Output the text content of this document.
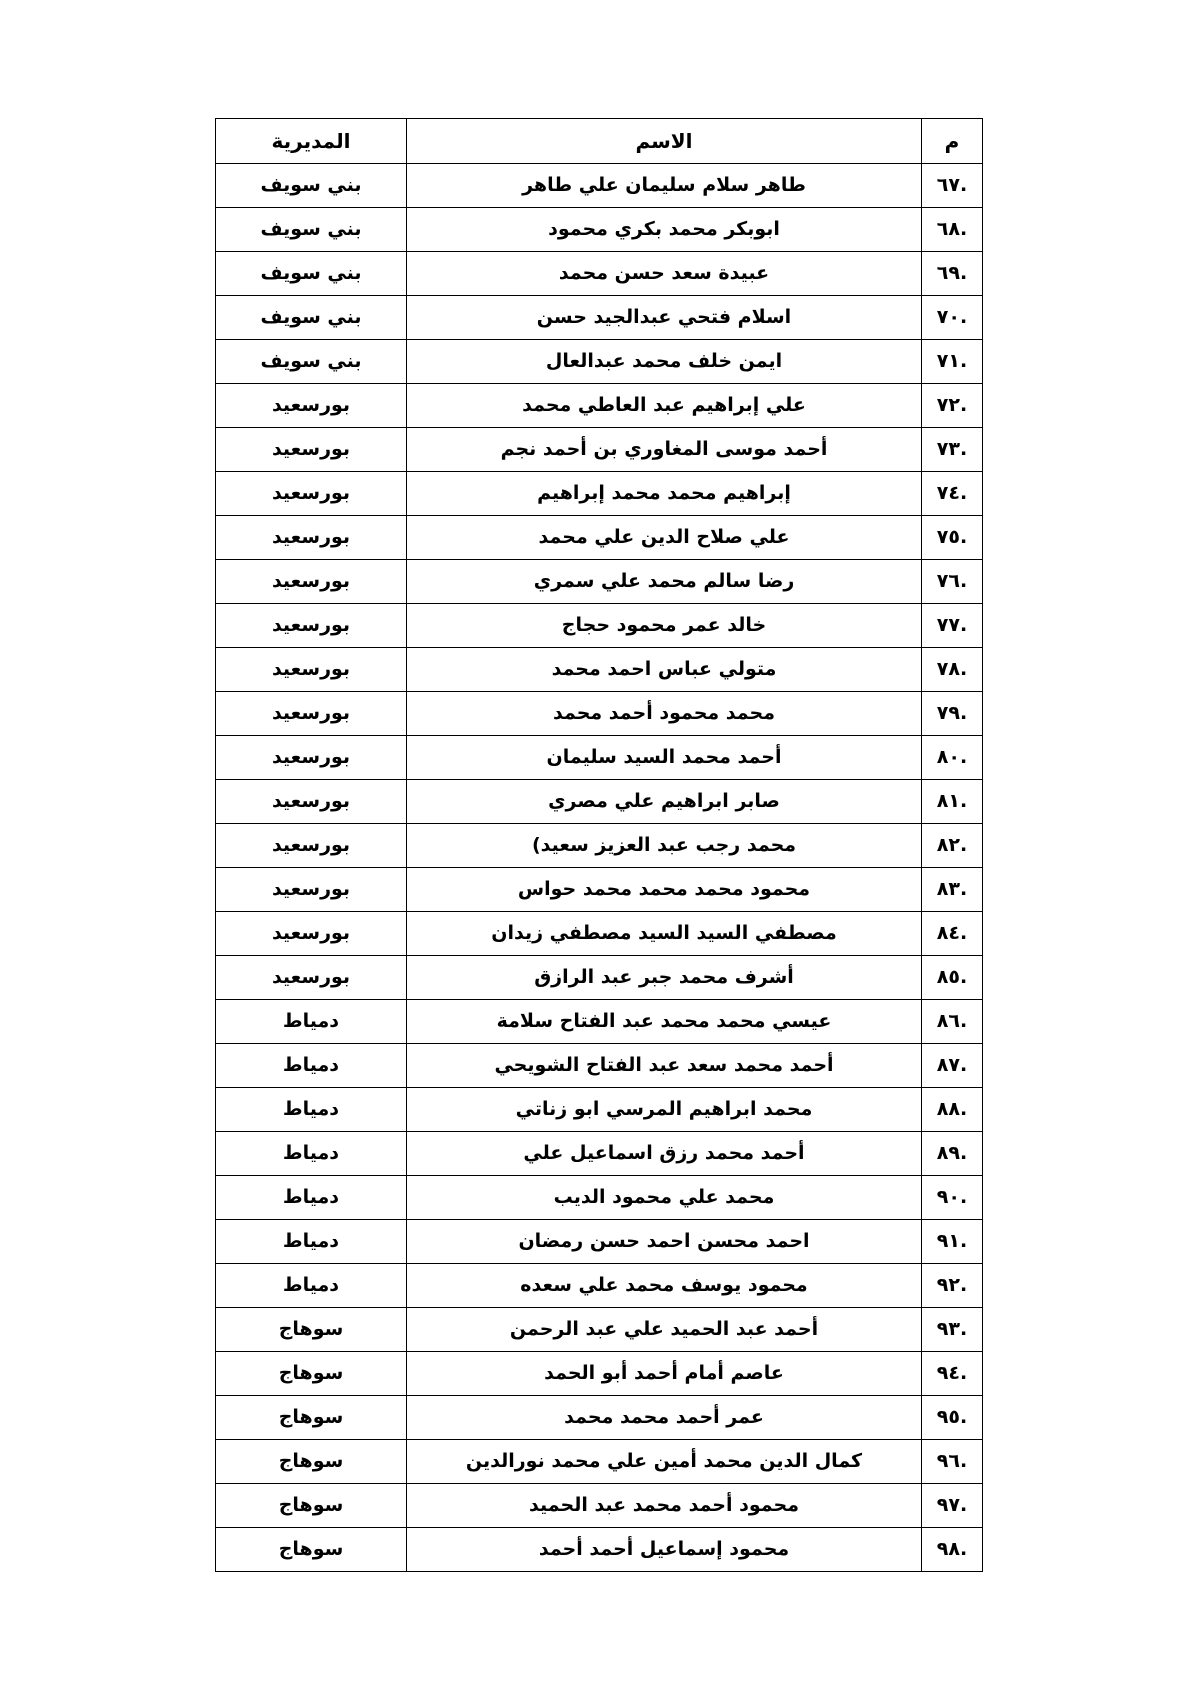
م	الاسم	المديرية
.٦٧	طاهر سلام سليمان علي طاهر	بني سويف
.٦٨	ابوبكر محمد بكري محمود	بني سويف
.٦٩	عبيدة سعد حسن محمد	بني سويف
.٧٠	اسلام فتحي عبدالجيد حسن	بني سويف
.٧١	ايمن خلف محمد عبدالعال	بني سويف
.٧٢	علي إبراهيم عبد العاطي محمد	بورسعيد
.٧٣	أحمد موسى المغاوري بن أحمد نجم	بورسعيد
.٧٤	إبراهيم محمد محمد إبراهيم	بورسعيد
.٧٥	علي صلاح الدين علي محمد	بورسعيد
.٧٦	رضا سالم محمد علي سمري	بورسعيد
.٧٧	خالد عمر محمود حجاج	بورسعيد
.٧٨	متولي عباس احمد محمد	بورسعيد
.٧٩	محمد محمود أحمد محمد	بورسعيد
.٨٠	أحمد محمد السيد سليمان	بورسعيد
.٨١	صابر ابراهيم علي مصري	بورسعيد
.٨٢	محمد رجب عبد العزيز سعيد)	بورسعيد
.٨٣	محمود محمد محمد محمد حواس	بورسعيد
.٨٤	مصطفي السيد السيد مصطفي زيدان	بورسعيد
.٨٥	أشرف محمد جبر عبد الرازق	بورسعيد
.٨٦	عيسي محمد محمد عبد الفتاح سلامة	دمياط
.٨٧	أحمد محمد سعد عبد الفتاح الشويحي	دمياط
.٨٨	محمد ابراهيم المرسي ابو زناتي	دمياط
.٨٩	أحمد محمد رزق اسماعيل علي	دمياط
.٩٠	محمد علي محمود الديب	دمياط
.٩١	احمد محسن احمد حسن رمضان	دمياط
.٩٢	محمود يوسف محمد علي سعده	دمياط
.٩٣	أحمد عبد الحميد علي عبد الرحمن	سوهاج
.٩٤	عاصم أمام أحمد أبو الحمد	سوهاج
.٩٥	عمر أحمد محمد محمد	سوهاج
.٩٦	كمال الدين محمد أمين علي محمد نورالدين	سوهاج
.٩٧	محمود أحمد محمد عبد الحميد	سوهاج
.٩٨	محمود إسماعيل أحمد أحمد	سوهاج
